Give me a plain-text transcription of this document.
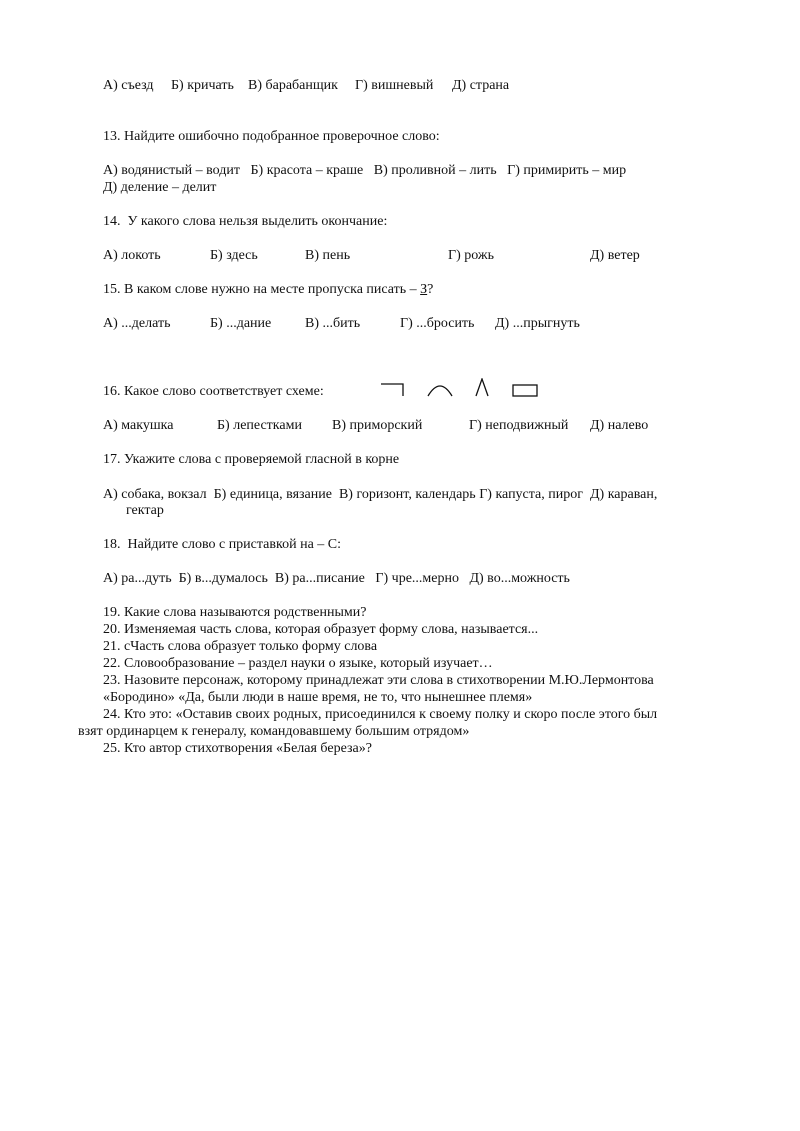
А) съезд Б) кричать В) барабанщик Г) вишневый Д) страна
13. Найдите ошибочно подобранное проверочное слово:
А) водянистый – водит   Б) красота – краше   В) проливной – лить   Г) примирить – мир
Д) деление – делит
14.  У какого слова нельзя выделить окончание:
А) локоть	Б) здесь	В) пень	Г) рожь	Д) ветер
15. В каком слове нужно на месте пропуска писать – З?
А) ...делать	Б) ...дание В) ...бить	Г) ...бросить Д) ...прыгнуть
16. Какое слово соответствует схеме:
А) макушка	Б) лепестками В) приморский	Г) неподвижный Д) налево
17. Укажите слова с проверяемой гласной в корне
А) собака, вокзал  Б) единица, вязание  В) горизонт, календарь Г) капуста, пирог  Д) караван,
гектар
18.  Найдите слово с приставкой на – С:
А) ра...дуть  Б) в...думалось  В) ра...писание   Г) чре...мерно   Д) во...можность
19. Какие слова называются родственными?
20. Изменяемая часть слова, которая образует форму слова, называется...
21. сЧасть слова образует только форму слова
22. Словообразование – раздел науки о языке, который изучает…
23. Назовите персонаж, которому принадлежат эти слова в стихотворении М.Ю.Лермонтова
«Бородино» «Да, были люди в наше время, не то, что нынешнее племя»
24. Кто это: «Оставив своих родных, присоединился к своему полку и скоро после этого был
взят ординарцем к генералу, командовавшему большим отрядом»
25. Кто автор стихотворения «Белая береза»?
